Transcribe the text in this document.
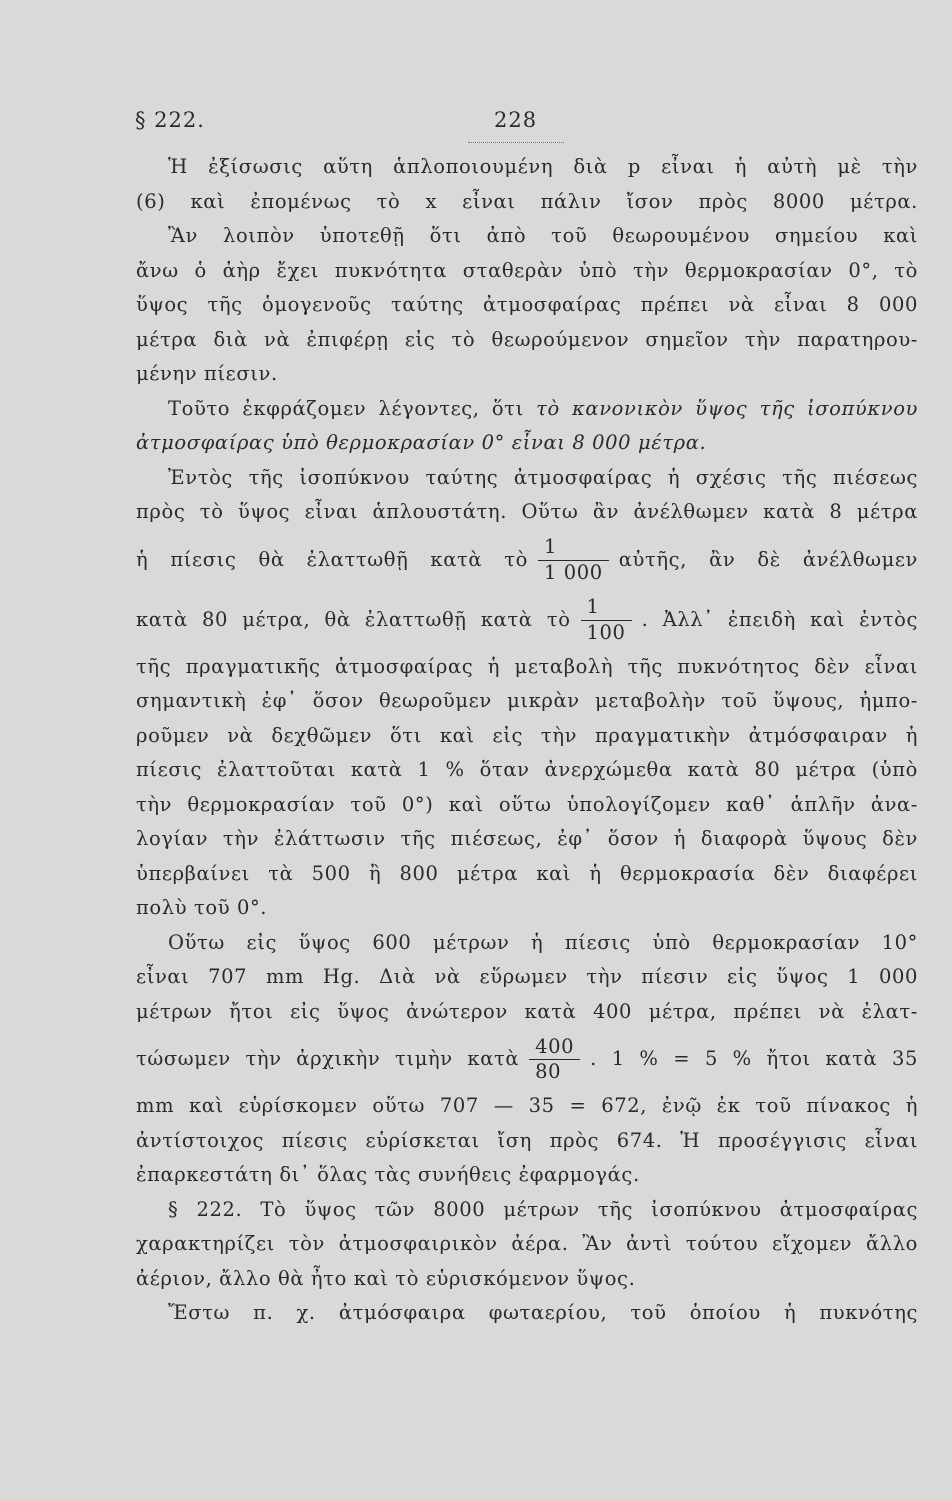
§ 222.	228
Ἡ ἐξίσωσις αὕτη ἁπλοποιουμένη διὰ p εἶναι ἡ αὐτὴ μὲ τὴν
(6) καὶ ἐπομένως τὸ x εἶναι πάλιν ἴσον πρὸς 8000 μέτρα.
Ἂν λοιπὸν ὑποτεθῇ ὅτι ἀπὸ τοῦ θεωρουμένου σημείου καὶ
ἄνω ὁ ἀὴρ ἔχει πυκνότητα σταθερὰν ὑπὸ τὴν θερμοκρασίαν 0°, τὸ
ὕψος τῆς ὁμογενοῦς ταύτης ἀτμοσφαίρας πρέπει νὰ εἶναι 8 000
μέτρα διὰ νὰ ἐπιφέρῃ εἰς τὸ θεωρούμενον σημεῖον τὴν παρατηρου-
μένην πίεσιν.
Τοῦτο ἐκφράζομεν λέγοντες, ὅτι τὸ κανονικὸν ὕψος τῆς ἰσοπύκνου
ἀτμοσφαίρας ὑπὸ θερμοκρασίαν 0° εἶναι 8 000 μέτρα.
Ἐντὸς τῆς ἰσοπύκνου ταύτης ἀτμοσφαίρας ἡ σχέσις τῆς πιέσεως
πρὸς τὸ ὕψος εἶναι ἁπλουστάτη. Οὕτω ἂν ἀνέλθωμεν κατὰ 8 μέτρα
ἡ πίεσις θὰ ἐλαττωθῇ κατὰ τὸ $\frac{1}{1 000}$ αὐτῆς, ἂν δὲ ἀνέλθωμεν
κατὰ 80 μέτρα, θὰ ἐλαττωθῇ κατὰ τὸ $\frac{1}{100}$ . Ἀλλ᾽ ἐπειδὴ καὶ ἐντὸς
τῆς πραγματικῆς ἀτμοσφαίρας ἡ μεταβολὴ τῆς πυκνότητος δὲν εἶναι
σημαντικὴ ἐφ᾽ ὅσον θεωροῦμεν μικρὰν μεταβολὴν τοῦ ὕψους, ἠμπο-
ροῦμεν νὰ δεχθῶμεν ὅτι καὶ εἰς τὴν πραγματικὴν ἀτμόσφαιραν ἡ
πίεσις ἐλαττοῦται κατὰ 1 % ὅταν ἀνερχώμεθα κατὰ 80 μέτρα (ὑπὸ
τὴν θερμοκρασίαν τοῦ 0°) καὶ οὕτω ὑπολογίζομεν καθ᾽ ἁπλῆν ἀνα-
λογίαν τὴν ἐλάττωσιν τῆς πιέσεως, ἐφ᾽ ὅσον ἡ διαφορὰ ὕψους δὲν
ὑπερβαίνει τὰ 500 ἢ 800 μέτρα καὶ ἡ θερμοκρασία δὲν διαφέρει
πολὺ τοῦ 0°.
Οὕτω εἰς ὕψος 600 μέτρων ἡ πίεσις ὑπὸ θερμοκρασίαν 10°
εἶναι 707 mm Hg. Διὰ νὰ εὕρωμεν τὴν πίεσιν εἰς ὕψος 1 000
μέτρων ἤτοι εἰς ὕψος ἀνώτερον κατὰ 400 μέτρα, πρέπει νὰ ἐλατ-
τώσωμεν τὴν ἀρχικὴν τιμὴν κατὰ $\frac{400}{80}$ . 1 % = 5 % ἤτοι κατὰ 35
mm καὶ εὑρίσκομεν οὕτω 707 — 35 = 672, ἐνῷ ἐκ τοῦ πίνακος ἡ
ἀντίστοιχος πίεσις εὑρίσκεται ἴση πρὸς 674. Ἡ προσέγγισις εἶναι
ἐπαρκεστάτη δι᾽ ὅλας τὰς συνήθεις ἐφαρμογάς.
§ 222. Τὸ ὕψος τῶν 8000 μέτρων τῆς ἰσοπύκνου ἀτμοσφαίρας
χαρακτηρίζει τὸν ἀτμοσφαιρικὸν ἀέρα. Ἂν ἀντὶ τούτου εἴχομεν ἄλλο
ἀέριον, ἄλλο θὰ ἦτο καὶ τὸ εὑρισκόμενον ὕψος.
Ἔστω π. χ. ἀτμόσφαιρα φωταερίου, τοῦ ὁποίου ἡ πυκνότης
